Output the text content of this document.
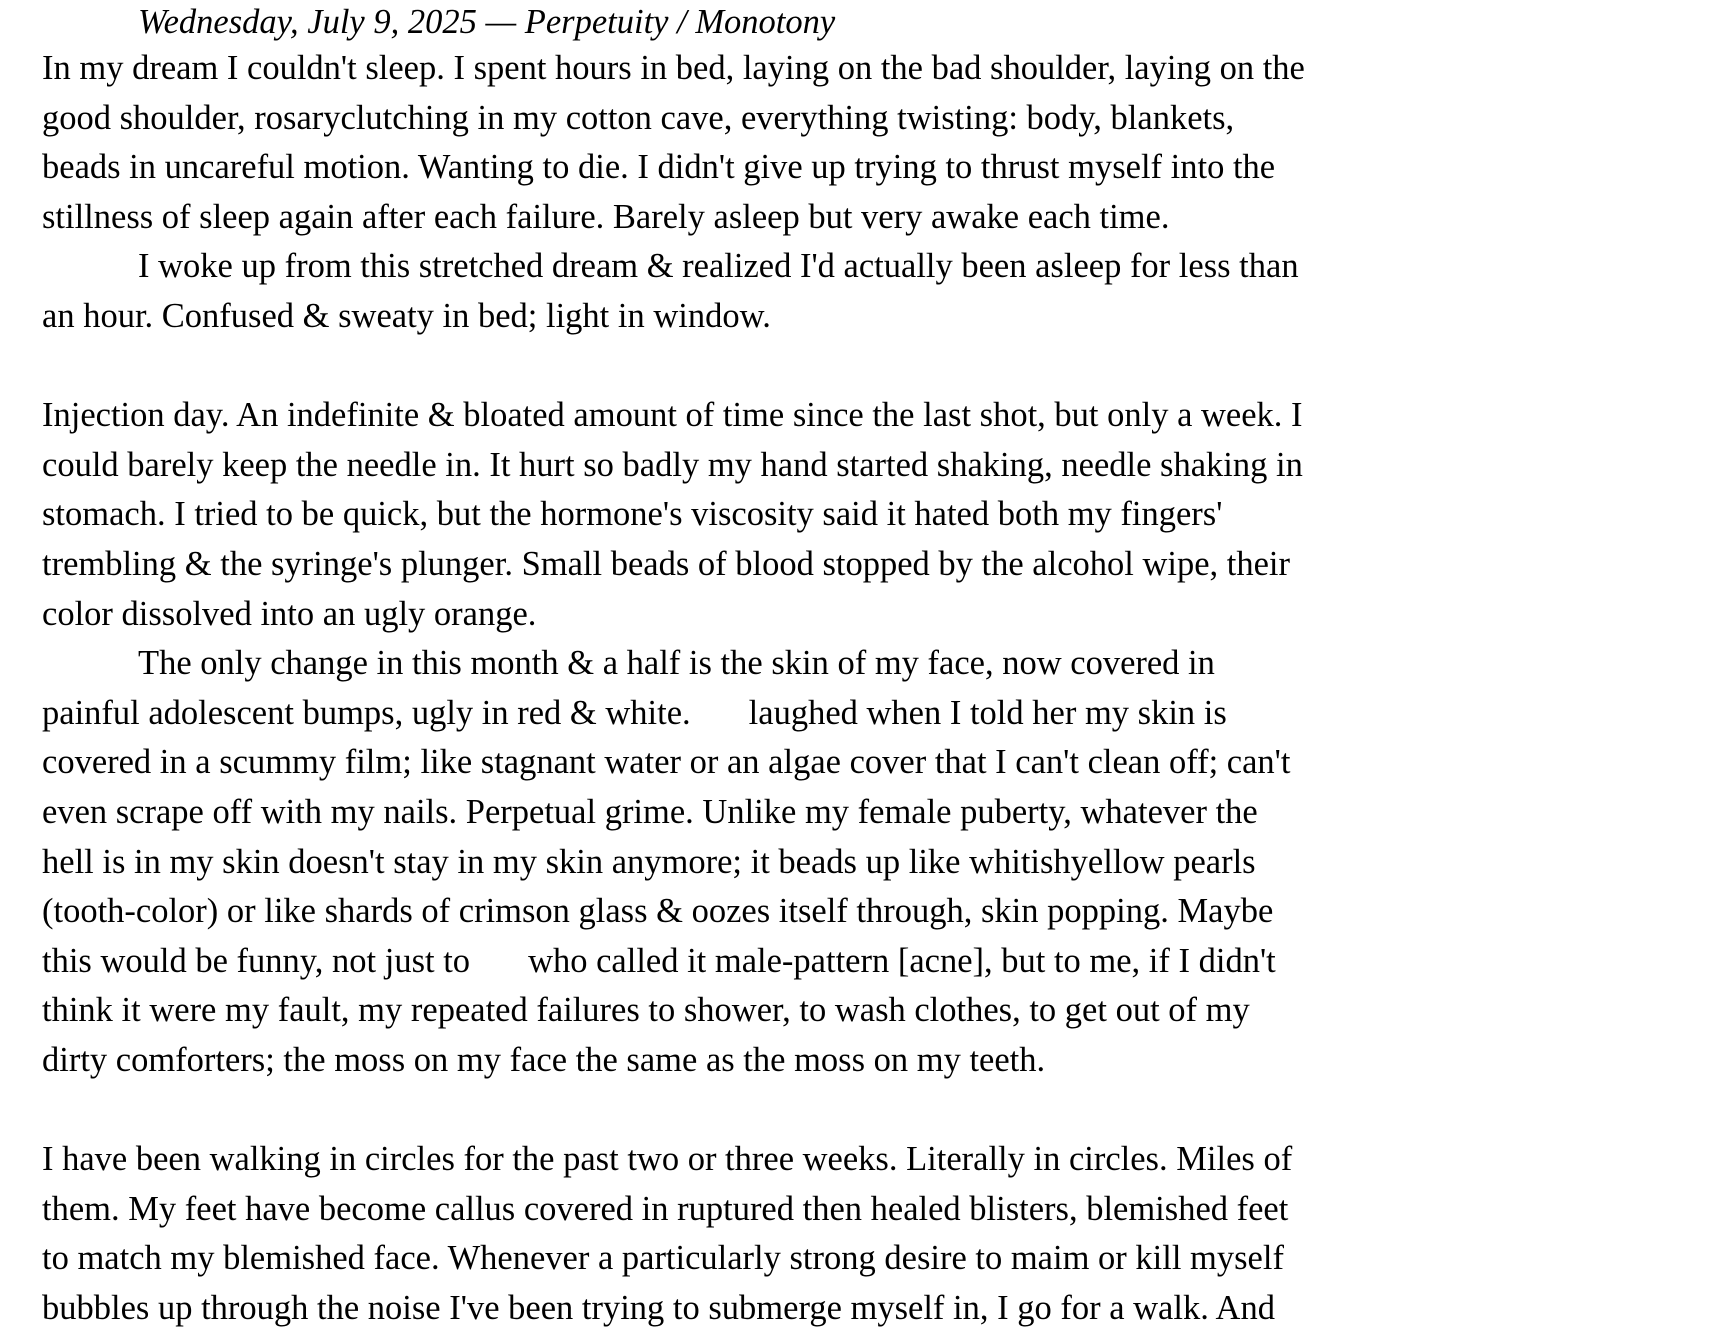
Wednesday, July 9, 2025 — Perpetuity / Monotony
In my dream I couldn't sleep. I spent hours in bed, laying on the bad shoulder, laying on the
good shoulder, rosaryclutching in my cotton cave, everything twisting: body, blankets,
beads in uncareful motion. Wanting to die. I didn't give up trying to thrust myself into the
stillness of sleep again after each failure. Barely asleep but very awake each time.
I woke up from this stretched dream & realized I'd actually been asleep for less than
an hour. Confused & sweaty in bed; light in window.
Injection day. An indefinite & bloated amount of time since the last shot, but only a week. I
could barely keep the needle in. It hurt so badly my hand started shaking, needle shaking in
stomach. I tried to be quick, but the hormone's viscosity said it hated both my fingers'
trembling & the syringe's plunger. Small beads of blood stopped by the alcohol wipe, their
color dissolved into an ugly orange.
The only change in this month & a half is the skin of my face, now covered in
painful adolescent bumps, ugly in red & white. laughed when I told her my skin is
covered in a scummy film; like stagnant water or an algae cover that I can't clean off; can't
even scrape off with my nails. Perpetual grime. Unlike my female puberty, whatever the
hell is in my skin doesn't stay in my skin anymore; it beads up like whitishyellow pearls
(tooth-color) or like shards of crimson glass & oozes itself through, skin popping. Maybe
this would be funny, not just to who called it male-pattern [acne], but to me, if I didn't
think it were my fault, my repeated failures to shower, to wash clothes, to get out of my
dirty comforters; the moss on my face the same as the moss on my teeth.
I have been walking in circles for the past two or three weeks. Literally in circles. Miles of
them. My feet have become callus covered in ruptured then healed blisters, blemished feet
to match my blemished face. Whenever a particularly strong desire to maim or kill myself
bubbles up through the noise I've been trying to submerge myself in, I go for a walk. And
